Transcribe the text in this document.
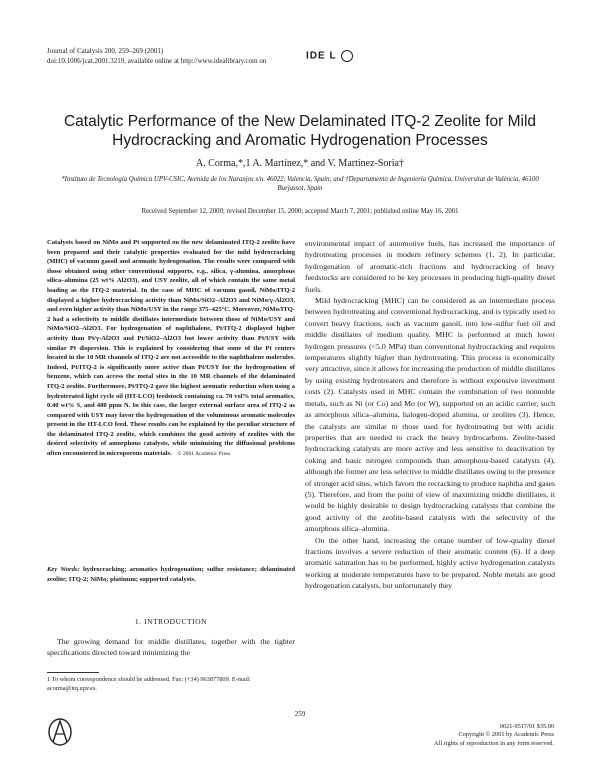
Journal of Catalysis 200, 259–269 (2001)
doi:10.1006/jcat.2001.3219, available online at http://www.idealibrary.com on	IDE L
Catalytic Performance of the New Delaminated ITQ-2 Zeolite for Mild Hydrocracking and Aromatic Hydrogenation Processes
A. Corma,*,1 A. Martínez,* and V. Martínez-Soria†
*Instituto de Tecnología Química UPV-CSIC, Avenida de los Naranjos s/n. 46022, Valencia, Spain; and †Departamento de Ingeniería Química, Universitat de València, 46100 Burjassot, Spain
Received September 12, 2000; revised December 15, 2000; accepted March 7, 2001; published online May 16, 2001
Catalysts based on NiMo and Pt supported on the new delaminated ITQ-2 zeolite have been prepared and their catalytic properties evaluated for the mild hydrocracking (MHC) of vacuum gasoil and aromatic hydrogenation. The results were compared with those obtained using other conventional supports, e.g., silica, γ-alumina, amorphous silica–alumina (25 wt% Al2O3), and USY zeolite, all of which contain the same metal loading as the ITQ-2 material. In the case of MHC of vacuum gasoil, NiMo/ITQ-2 displayed a higher hydrocracking activity than NiMo/SiO2–Al2O3 and NiMo/γ-Al2O3, and even higher activity than NiMo/USY in the range 375–425°C. Moreover, NiMo/ITQ-2 had a selectivity to middle distillates intermediate between those of NiMo/USY and NiMo/SiO2–Al2O3. For hydrogenation of naphthalene, Pt/ITQ-2 displayed higher activity than Pt/γ-Al2O3 and Pt/SiO2–Al2O3 but lower activity than Pt/USY with similar Pt dispersion. This is explained by considering that some of the Pt centers located in the 10 MR channels of ITQ-2 are not accessible to the naphthalene molecules. Indeed, Pt/ITQ-2 is significantly more active than Pt/USY for the hydrogenation of benzene, which can access the metal sites in the 10 MR channels of the delaminated ITQ-2 zeolite. Furthermore, Pt/ITQ-2 gave the highest aromatic reduction when using a hydrotreated light cycle oil (HT-LCO) feedstock containing ca. 70 vol% total aromatics, 0.40 wt% S, and 480 ppm N. In this case, the larger external surface area of ITQ-2 as compared with USY may favor the hydrogenation of the voluminous aromatic molecules present in the HT-LCO feed. These results can be explained by the peculiar structure of the delaminated ITQ-2 zeolite, which combines the good activity of zeolites with the desired selectivity of amorphous catalysts, while minimizing the diffusional problems often encountered in microporous materials. © 2001 Academic Press
Key Words: hydrocracking; aromatics hydrogenation; sulfur resistance; delaminated zeolite; ITQ-2; NiMo; platinum; supported catalysts.
1. INTRODUCTION
The growing demand for middle distillates, together with the tighter specifications directed toward minimizing the
1 To whom correspondence should be addressed. Fax: (+34) 963877809. E-mail: acorma@itq.upv.es.

environmental impact of automotive fuels, has increased the importance of hydrotreating processes in modern refinery schemes (1, 2). In particular, hydrogenation of aromatic-rich fractions and hydrocracking of heavy feedstocks are considered to be key processes in producing high-quality diesel fuels.

Mild hydrocracking (MHC) can be considered as an intermediate process between hydrotreating and conventional hydrocracking, and is typically used to convert heavy fractions, such as vacuum gasoil, into low-sulfur fuel oil and middle distillates of medium quality. MHC is performed at much lower hydrogen pressures (<5.0 MPa) than conventional hydrocracking and requires temperatures slightly higher than hydrotreating. This process is economically very attractive, since it allows for increasing the production of middle distillates by using existing hydrotreaters and therefore is without expensive investment costs (2). Catalysts used in MHC contain the combination of two nonnoble metals, such as Ni (or Co) and Mo (or W), supported on an acidic carrier, such as amorphous silica–alumina, halogen-doped alumina, or zeolites (3). Hence, the catalysts are similar to those used for hydrotreating but with acidic properties that are needed to crack the heavy hydrocarbons. Zeolite-based hydrocracking catalysts are more active and less sensitive to deactivation by coking and basic nitrogen compounds than amorphous-based catalysts (4), although the former are less selective to middle distillates owing to the presence of stronger acid sites, which favors the recracking to produce naphtha and gases (5). Therefore, and from the point of view of maximizing middle distillates, it would be highly desirable to design hydrocracking catalysts that combine the good activity of the zeolite-based catalysts with the selectivity of the amorphous silica–alumina.

On the other hand, increasing the cetane number of low-quality diesel fractions involves a severe reduction of their aromatic content (6). If a deep aromatic saturation has to be performed, highly active hydrogenation catalysts working at moderate temperatures have to be prepared. Noble metals are good hydrogenation catalysts, but unfortunately they

259
0021-9517/01 $35.00
Copyright © 2001 by Academic Press
All rights of reproduction in any form reserved.
